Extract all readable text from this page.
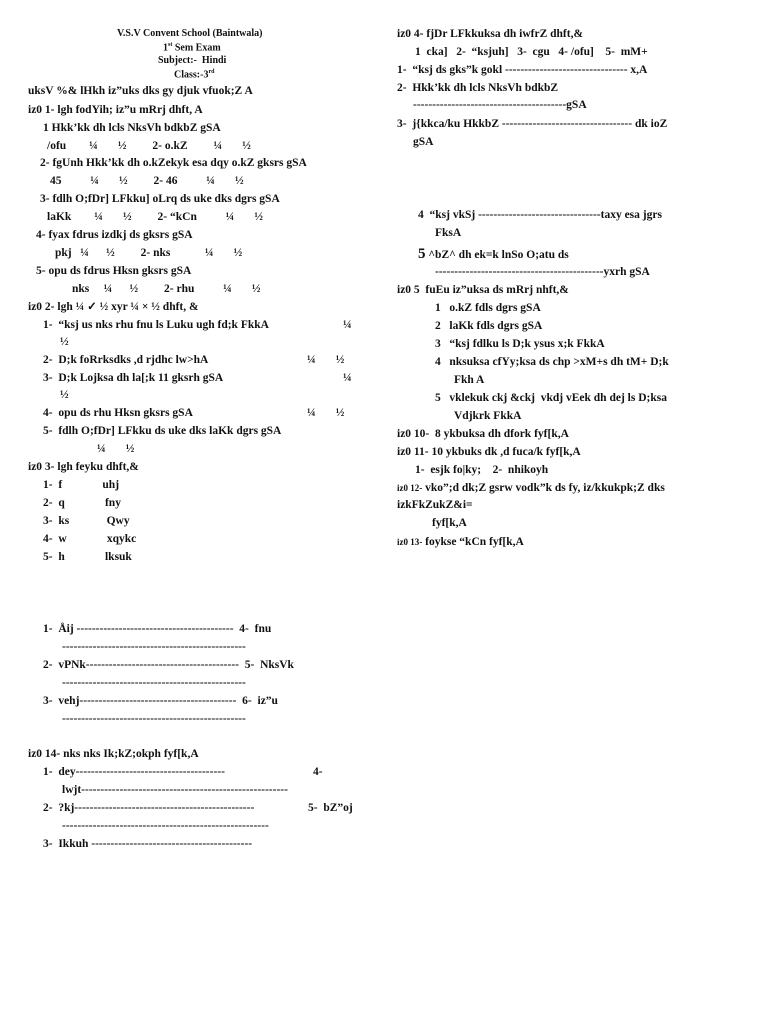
V.S.V Convent School (Baintwala)
1st Sem Exam
Subject:-  Hindi
Class:-3rd
uksV %& lHkh iz”uks dks gy djuk vfuok;Z A
iz0 1- lgh fodYih; iz”u mRrj dhft, A
1 Hkk’kk dh lcls NksVh bdkbZ gSA
/ofu        ¼       ½         2- o.kZ         ¼       ½
2- fgUnh Hkk’kk dh o.kZekyk esa dqy o.kZ gksrs gSA
45          ¼       ½         2- 46          ¼       ½
3- fdlh O;fDr] LFkku] oLrq ds uke dks dgrs gSA
laKk        ¼       ½         2- “kCn          ¼       ½
4- fyax fdrus izdkj ds gksrs gSA
pkj   ¼      ½         2- nks            ¼       ½
5- opu ds fdrus Hksn gksrs gSA
nks     ¼      ½         2- rhu          ¼       ½
iz0 2- lgh ¼ ✓ ½ xyr ¼ × ½ dhft, &
1-  “ksj us nks rhu fnu ls Luku ugh fd;k FkkA	¼
½
2-  D;k foRrksdks ,d rjdhc lw>hA	¼       ½
3-  D;k Lojksa dh la[;k 11 gksrh gSA	¼
½
4-  opu ds rhu Hksn gksrs gSA	¼       ½
5-  fdlh O;fDr] LFkku ds uke dks laKk dgrs gSA
¼       ½
iz0 3- lgh feyku dhft,&
1-  f              uhj
2-  q              fny
3-  ks             Qwy
4-  w              xqykc
5-  h              lksuk
1-  Åij -----------------------------------------  4-  fnu
------------------------------------------------
2-  vPNk----------------------------------------  5-  NksVk
------------------------------------------------
3-  vehj-----------------------------------------  6-  iz”u
------------------------------------------------
iz0 14- nks nks Ik;kZ;okph fyf[k,A
1-  dey---------------------------------------	4-
lwjt------------------------------------------------------
2-  ?kj-----------------------------------------------	5-  bZ”oj
------------------------------------------------------
3-  Ikkuh ------------------------------------------
iz0 4- fjDr LFkkuksa dh iwfrZ dhft,&
1  cka]   2-  “ksjuh]   3-  cgu   4- /ofu]    5-  mM+
1-  “ksj ds gks”k gokl -------------------------------- x,A
2-  Hkk’kk dh lcls NksVh bdkbZ
----------------------------------------gSA
3-  j{kkca/ku HkkbZ ---------------------------------- dk ioZ
gSA
4  “ksj vkSj --------------------------------taxy esa jgrs
FksA
5 ^bZ^ dh ek=k lnSo O;atu ds
--------------------------------------------yxrh gSA
iz0 5  fuEu iz”uksa ds mRrj nhft,&
1   o.kZ fdls dgrs gSA
2   laKk fdls dgrs gSA
3   “ksj fdlku ls D;k ysus x;k FkkA
4   nksuksa cfYy;ksa ds chp >xM+s dh tM+ D;k
Fkh A
5   vklekuk ckj &ckj  vkdj vEek dh dej ls D;ksa
Vdjkrk FkkA
iz0 10-  8 ykbuksa dh dfork fyf[k,A
iz0 11- 10 ykbuks dk ,d fuca/k fyf[k,A
1-  esjk fo|ky;    2-  nhikoyh
iz0 12- vko”;d dk;Z gsrw vodk”k ds fy, iz/kkukpk;Z dks
izkFkZukZ&i=
fyf[k,A
iz0 13- foykse “kCn fyf[k,A
